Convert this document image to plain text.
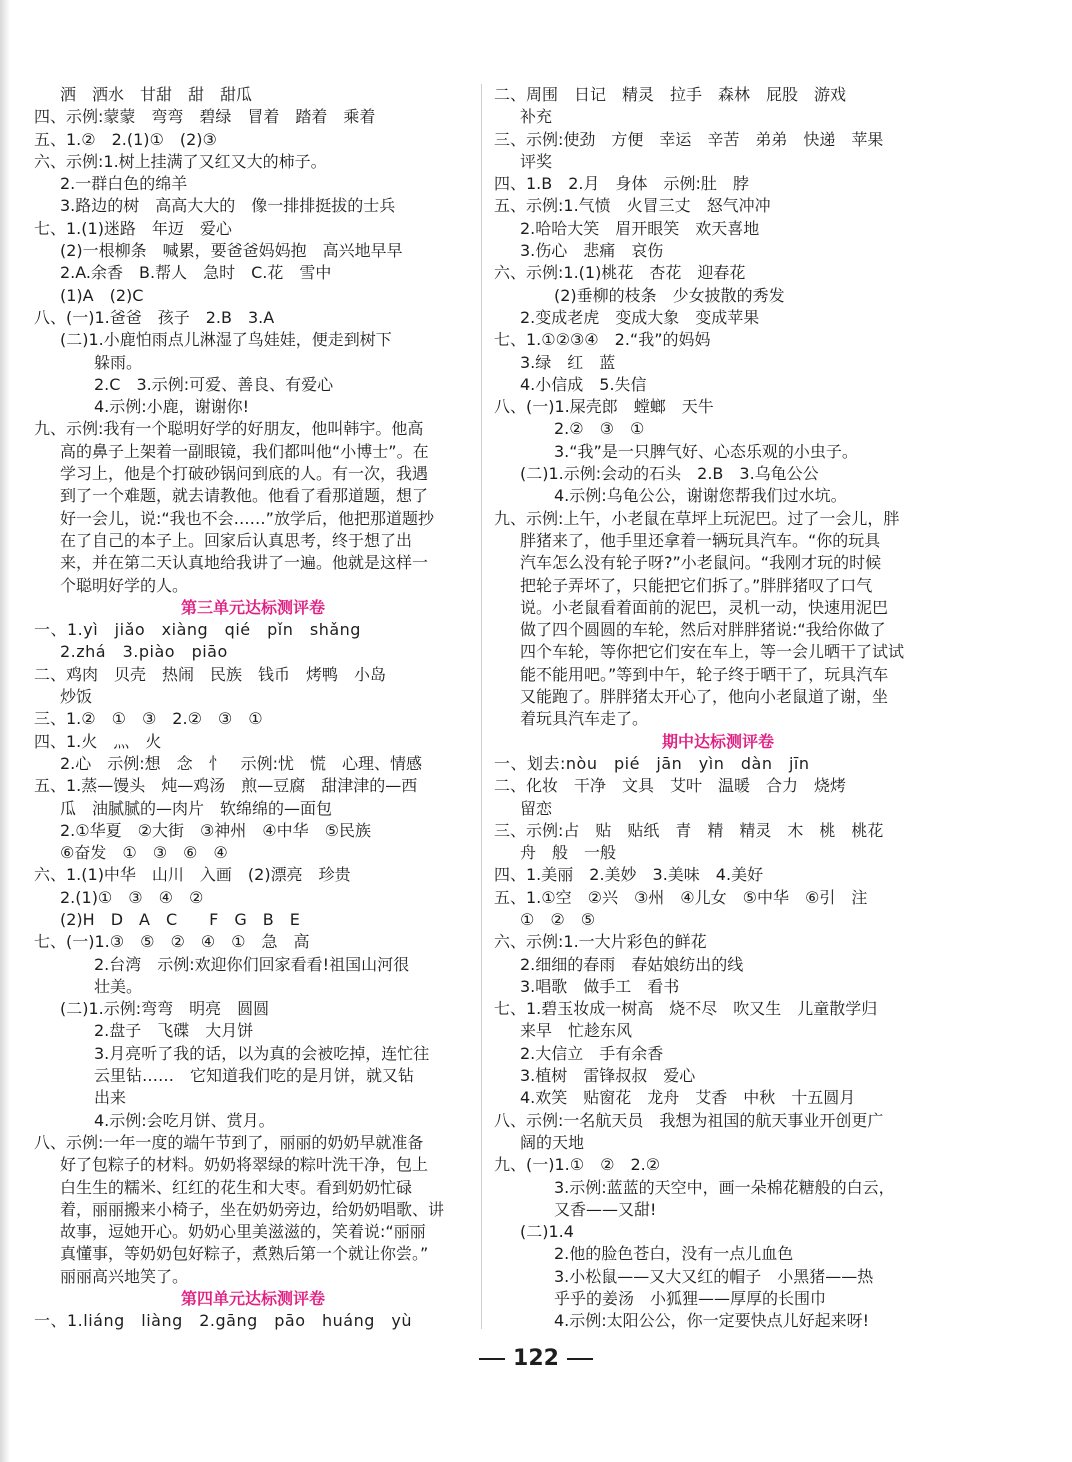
洒　洒水　甘甜　甜　甜瓜
四、示例:蒙蒙　弯弯　碧绿　冒着　踏着　乘着
五、1.②　2.(1)①　(2)③
六、示例:1.树上挂满了又红又大的柿子。
2.一群白色的绵羊
3.路边的树　高高大大的　像一排排挺拔的士兵
七、1.(1)迷路　年迈　爱心
(2)一根柳条　喊累，要爸爸妈妈抱　高兴地早早
2.A.余香　B.帮人　急时　C.花　雪中
(1)A　(2)C
八、(一)1.爸爸　孩子　2.B　3.A
(二)1.小鹿怕雨点儿淋湿了鸟娃娃，便走到树下
躲雨。
2.C　3.示例:可爱、善良、有爱心
4.示例:小鹿，谢谢你!
九、示例:我有一个聪明好学的好朋友，他叫韩宇。他高
高的鼻子上架着一副眼镜，我们都叫他“小博士”。在
学习上，他是个打破砂锅问到底的人。有一次，我遇
到了一个难题，就去请教他。他看了看那道题，想了
好一会儿，说:“我也不会……”放学后，他把那道题抄
在了自己的本子上。回家后认真思考，终于想了出
来，并在第二天认真地给我讲了一遍。他就是这样一
个聪明好学的人。
第三单元达标测评卷
一、1.yì　jiǎo　xiàng　qié　pǐn　shǎng
2.zhá　3.piào　piāo
二、鸡肉　贝壳　热闹　民族　钱币　烤鸭　小岛
炒饭
三、1.②　①　③　2.②　③　①
四、1.火　灬　火
2.心　示例:想　念　忄　示例:忧　慌　心理、情感
五、1.蒸—馒头　炖—鸡汤　煎—豆腐　甜津津的—西
瓜　油腻腻的—肉片　软绵绵的—面包
2.①华夏　②大街　③神州　④中华　⑤民族
⑥奋发　①　③　⑥　④
六、1.(1)中华　山川　入画　(2)漂亮　珍贵
2.(1)①　③　④　②
(2)H　D　A　C　　F　G　B　E
七、(一)1.③　⑤　②　④　①　急　高
2.台湾　示例:欢迎你们回家看看!祖国山河很
壮美。
(二)1.示例:弯弯　明亮　圆圆
2.盘子　飞碟　大月饼
3.月亮听了我的话，以为真的会被吃掉，连忙往
云里钻……　它知道我们吃的是月饼，就又钻
出来
4.示例:会吃月饼、赏月。
八、示例:一年一度的端午节到了，丽丽的奶奶早就准备
好了包粽子的材料。奶奶将翠绿的粽叶洗干净，包上
白生生的糯米、红红的花生和大枣。看到奶奶忙碌
着，丽丽搬来小椅子，坐在奶奶旁边，给奶奶唱歌、讲
故事，逗她开心。奶奶心里美滋滋的，笑着说:“丽丽
真懂事，等奶奶包好粽子，煮熟后第一个就让你尝。”
丽丽高兴地笑了。
第四单元达标测评卷
一、1.liáng　liàng　2.gāng　pāo　huáng　yù
二、周围　日记　精灵　拉手　森林　屁股　游戏
补充
三、示例:使劲　方便　幸运　辛苦　弟弟　快递　苹果
评奖
四、1.B　2.月　身体　示例:肚　脖
五、示例:1.气愤　火冒三丈　怒气冲冲
2.哈哈大笑　眉开眼笑　欢天喜地
3.伤心　悲痛　哀伤
六、示例:1.(1)桃花　杏花　迎春花
(2)垂柳的枝条　少女披散的秀发
2.变成老虎　变成大象　变成苹果
七、1.①②③④　2.“我”的妈妈
3.绿　红　蓝
4.小信成　5.失信
八、(一)1.屎壳郎　螳螂　天牛
2.②　③　①
3.“我”是一只脾气好、心态乐观的小虫子。
(二)1.示例:会动的石头　2.B　3.乌龟公公
4.示例:乌龟公公，谢谢您帮我们过水坑。
九、示例:上午，小老鼠在草坪上玩泥巴。过了一会儿，胖
胖猪来了，他手里还拿着一辆玩具汽车。“你的玩具
汽车怎么没有轮子呀?”小老鼠问。“我刚才玩的时候
把轮子弄坏了，只能把它们拆了。”胖胖猪叹了口气
说。小老鼠看着面前的泥巴，灵机一动，快速用泥巴
做了四个圆圆的车轮，然后对胖胖猪说:“我给你做了
四个车轮，等你把它们安在车上，等一会儿晒干了试试
能不能用吧。”等到中午，轮子终于晒干了，玩具汽车
又能跑了。胖胖猪太开心了，他向小老鼠道了谢，坐
着玩具汽车走了。
期中达标测评卷
一、划去:nòu　pié　jān　yìn　dàn　jīn
二、化妆　干净　文具　艾叶　温暖　合力　烧烤
留恋
三、示例:占　贴　贴纸　青　精　精灵　木　桃　桃花
舟　般　一般
四、1.美丽　2.美妙　3.美味　4.美好
五、1.①空　②兴　③州　④儿女　⑤中华　⑥引　注
①　②　⑤
六、示例:1.一大片彩色的鲜花
2.细细的春雨　春姑娘纺出的线
3.唱歌　做手工　看书
七、1.碧玉妆成一树高　烧不尽　吹又生　儿童散学归
来早　忙趁东风
2.大信立　手有余香
3.植树　雷锋叔叔　爱心
4.欢笑　贴窗花　龙舟　艾香　中秋　十五圆月
八、示例:一名航天员　我想为祖国的航天事业开创更广
阔的天地
九、(一)1.①　②　2.②
3.示例:蓝蓝的天空中，画一朵棉花糖般的白云，
又香——又甜!
(二)1.4
2.他的脸色苍白，没有一点儿血色
3.小松鼠——又大又红的帽子　小黑猪——热
乎乎的姜汤　小狐狸——厚厚的长围巾
4.示例:太阳公公，你一定要快点儿好起来呀!
122
